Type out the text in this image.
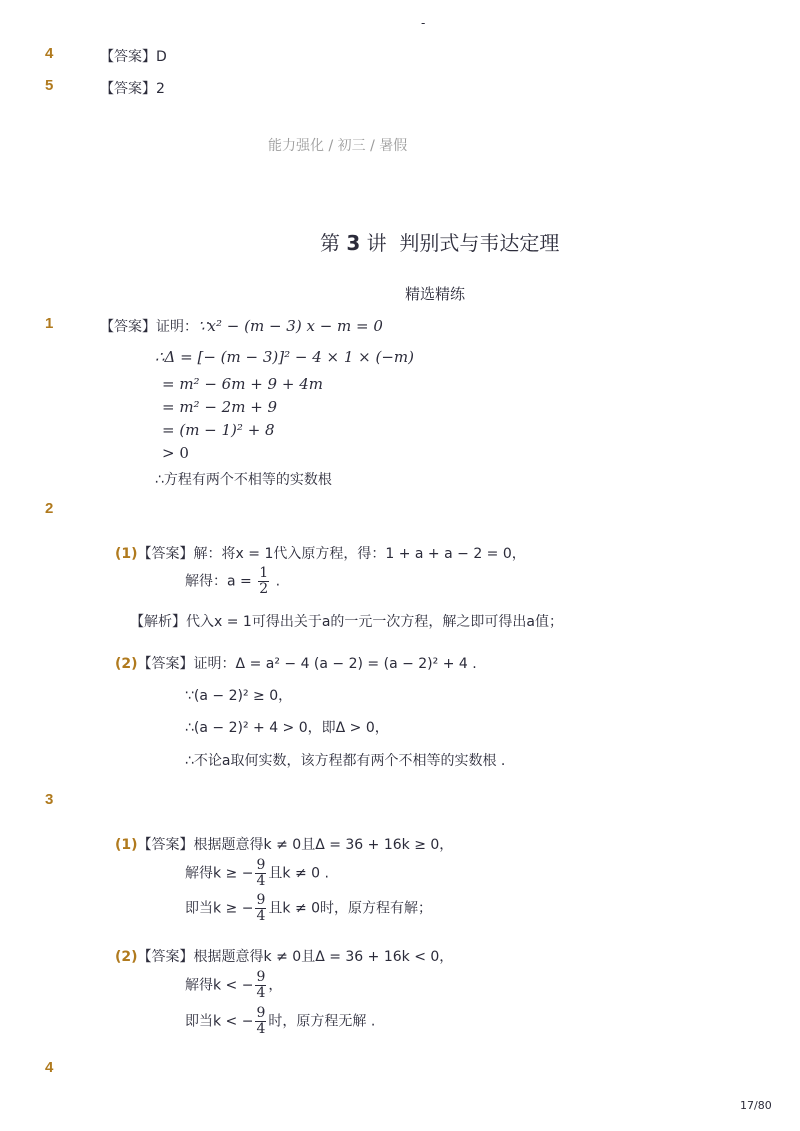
-
4	【答案】D
5	【答案】2
能力强化 / 初三 / 暑假
第 3 讲  判别式与韦达定理
精选精练
1	【答案】证明：∵x² − (m − 3) x − m = 0
∴Δ = [− (m − 3)]² − 4 × 1 × (−m)
= m² − 6m + 9 + 4m
= m² − 2m + 9
= (m − 1)² + 8
> 0
∴方程有两个不相等的实数根
2
(1)【答案】解：将x = 1代入原方程，得：1 + a + a − 2 = 0，
解得：$a = \frac{1}{2}$ .
【解析】代入x = 1可得出关于a的一元一次方程，解之即可得出a值；
(2)【答案】证明：Δ = a² − 4 (a − 2) = (a − 2)² + 4 .
∵(a − 2)² ≥ 0，
∴(a − 2)² + 4 > 0，即Δ > 0，
∴不论a取何实数，该方程都有两个不相等的实数根 .
3
(1)【答案】根据题意得k ≠ 0且Δ = 36 + 16k ≥ 0，
解得k ≥ − $\frac{9}{4}$ 且k ≠ 0 .
即当k ≥ − $\frac{9}{4}$ 且k ≠ 0时，原方程有解；
(2)【答案】根据题意得k ≠ 0且Δ = 36 + 16k < 0，
解得k < − $\frac{9}{4}$ ，
即当k < − $\frac{9}{4}$ 时，原方程无解 .
4
17/80
